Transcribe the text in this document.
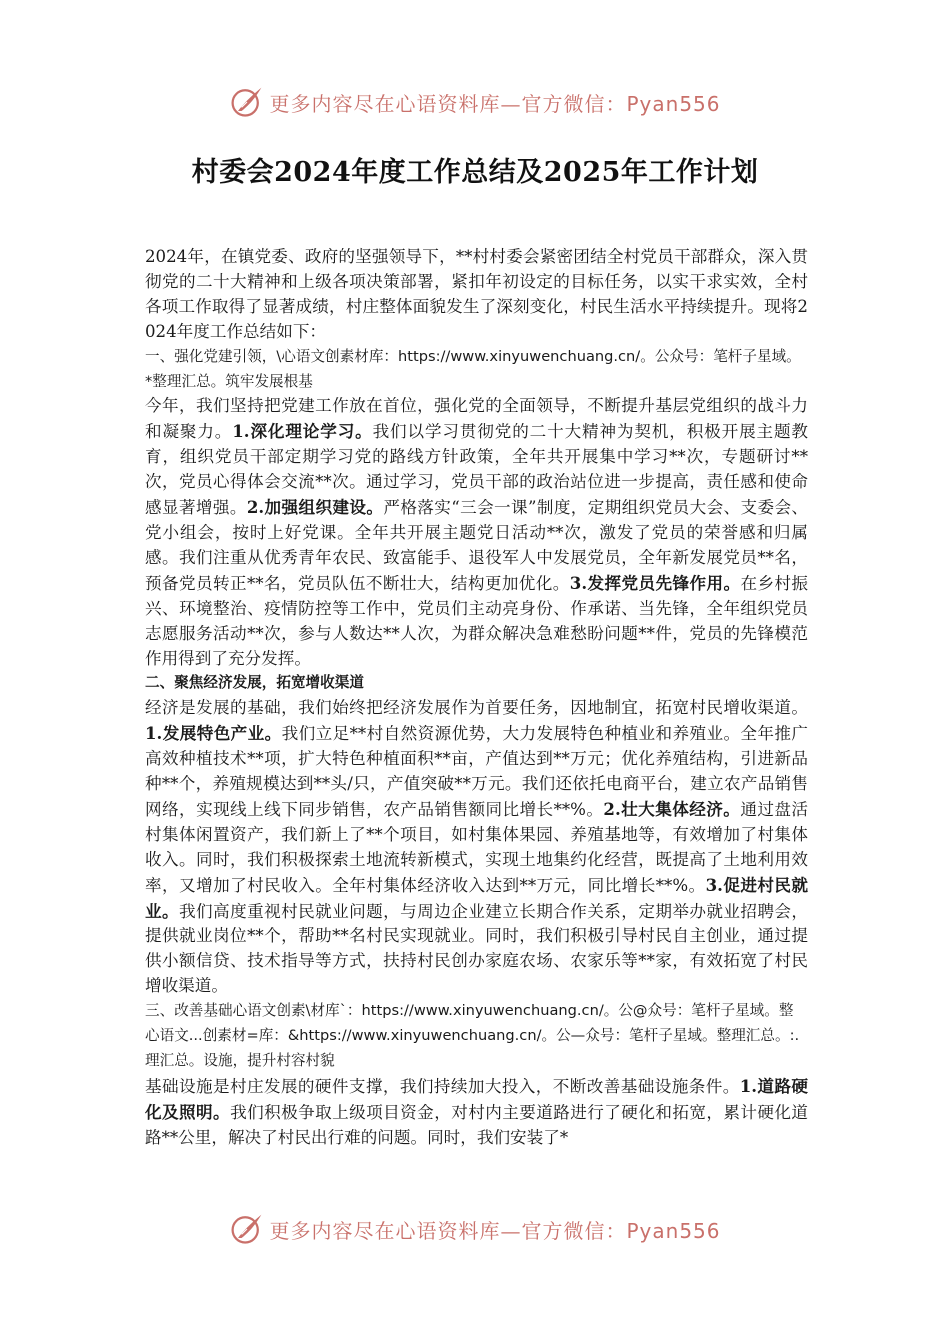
更多内容尽在心语资料库—官方微信：Pyan556
村委会2024年度工作总结及2025年工作计划

2024年，在镇党委、政府的坚强领导下，**村村委会紧密团结全村党员干部群众，深入贯彻党的二十大精神和上级各项决策部署，紧扣年初设定的目标任务，以实干求实效，全村各项工作取得了显著成绩，村庄整体面貌发生了深刻变化，村民生活水平持续提升。现将2024年度工作总结如下：

一、强化党建引领，\心语文创素材库：https://www.xinyuwenchuang.cn/。公众号：笔杆子星域。*整理汇总。筑牢发展根基

今年，我们坚持把党建工作放在首位，强化党的全面领导，不断提升基层党组织的战斗力和凝聚力。1.深化理论学习。我们以学习贯彻党的二十大精神为契机，积极开展主题教育，组织党员干部定期学习党的路线方针政策，全年共开展集中学习**次，专题研讨**次，党员心得体会交流**次。通过学习，党员干部的政治站位进一步提高，责任感和使命感显著增强。2.加强组织建设。严格落实“三会一课”制度，定期组织党员大会、支委会、党小组会，按时上好党课。全年共开展主题党日活动**次，激发了党员的荣誉感和归属感。我们注重从优秀青年农民、致富能手、退役军人中发展党员，全年新发展党员**名，预备党员转正**名，党员队伍不断壮大，结构更加优化。3.发挥党员先锋作用。在乡村振兴、环境整治、疫情防控等工作中，党员们主动亮身份、作承诺、当先锋，全年组织党员志愿服务活动**次，参与人数达**人次，为群众解决急难愁盼问题**件，党员的先锋模范作用得到了充分发挥。

二、聚焦经济发展，拓宽增收渠道

经济是发展的基础，我们始终把经济发展作为首要任务，因地制宜，拓宽村民增收渠道。1.发展特色产业。我们立足**村自然资源优势，大力发展特色种植业和养殖业。全年推广高效种植技术**项，扩大特色种植面积**亩，产值达到**万元；优化养殖结构，引进新品种**个，养殖规模达到**头/只，产值突破**万元。我们还依托电商平台，建立农产品销售网络，实现线上线下同步销售，农产品销售额同比增长**%。2.壮大集体经济。通过盘活村集体闲置资产，我们新上了**个项目，如村集体果园、养殖基地等，有效增加了村集体收入。同时，我们积极探索土地流转新模式，实现土地集约化经营，既提高了土地利用效率，又增加了村民收入。全年村集体经济收入达到**万元，同比增长**%。3.促进村民就业。我们高度重视村民就业问题，与周边企业建立长期合作关系，定期举办就业招聘会，提供就业岗位**个，帮助**名村民实现就业。同时，我们积极引导村民自主创业，通过提供小额信贷、技术指导等方式，扶持村民创办家庭农场、农家乐等**家，有效拓宽了村民增收渠道。

三、改善基础心语文创素\材库`：https://www.xinyuwenchuang.cn/。公@众号：笔杆子星域。整心语文...创素材=库：&https://www.xinyuwenchuang.cn/。公—众号：笔杆子星域。整理汇总。:.理汇总。设施，提升村容村貌

基础设施是村庄发展的硬件支撑，我们持续加大投入，不断改善基础设施条件。1.道路硬化及照明。我们积极争取上级项目资金，对村内主要道路进行了硬化和拓宽，累计硬化道路**公里，解决了村民出行难的问题。同时，我们安装了*

更多内容尽在心语资料库—官方微信：Pyan556
